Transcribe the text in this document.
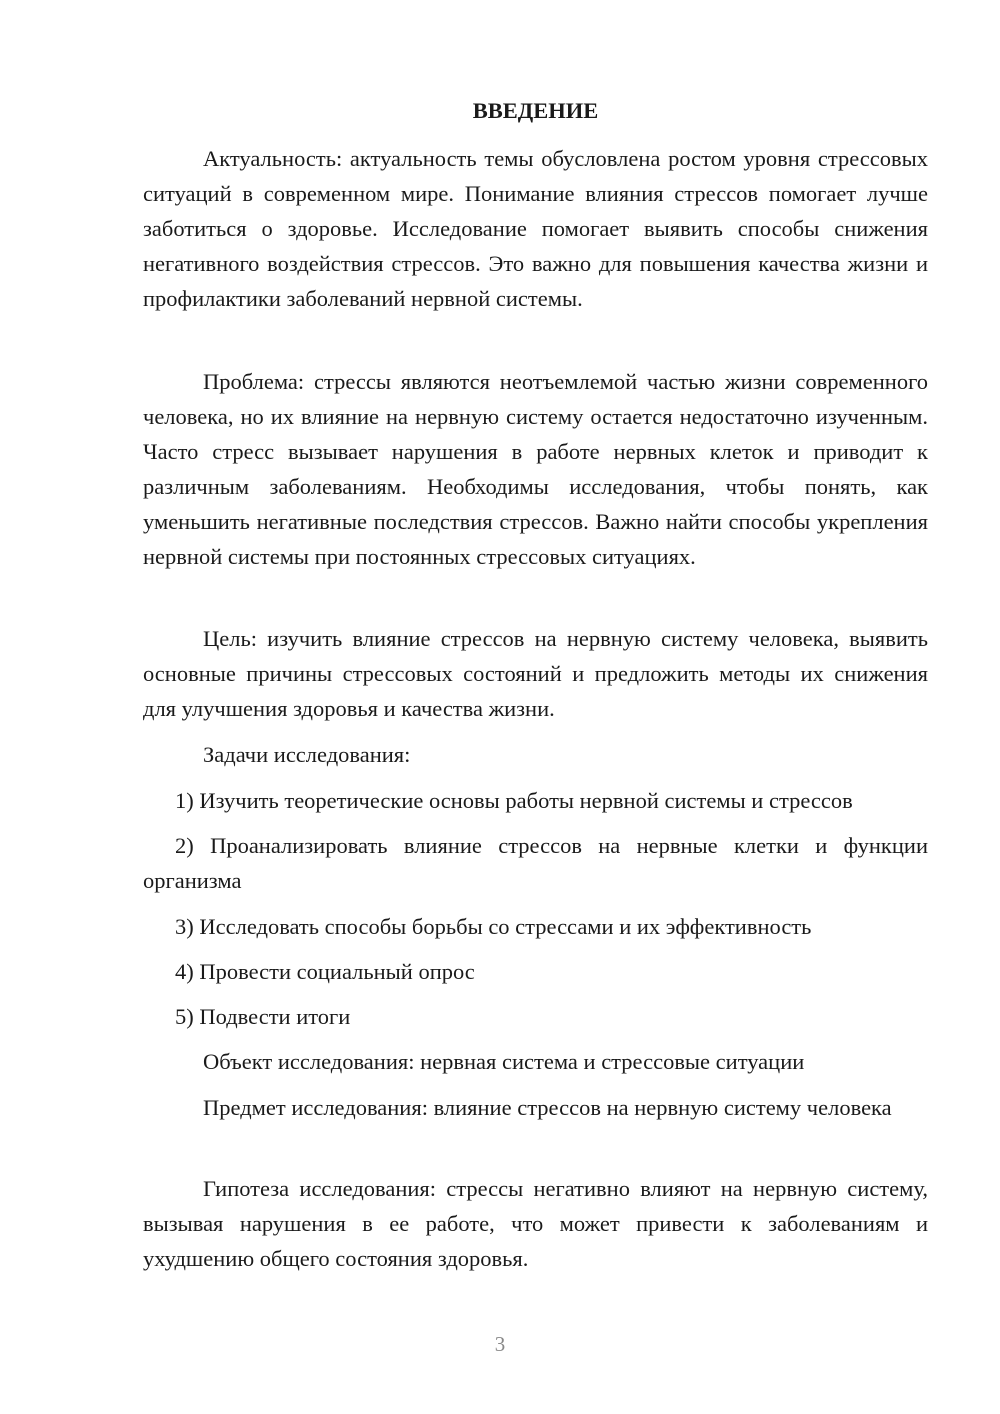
ВВЕДЕНИЕ

Актуальность: актуальность темы обусловлена ростом уровня стрессовых ситуаций в современном мире. Понимание влияния стрессов помогает лучше заботиться о здоровье. Исследование помогает выявить способы снижения негативного воздействия стрессов. Это важно для повышения качества жизни и профилактики заболеваний нервной системы.

Проблема: стрессы являются неотъемлемой частью жизни современного человека, но их влияние на нервную систему остается недостаточно изученным. Часто стресс вызывает нарушения в работе нервных клеток и приводит к различным заболеваниям. Необходимы исследования, чтобы понять, как уменьшить негативные последствия стрессов. Важно найти способы укрепления нервной системы при постоянных стрессовых ситуациях.

Цель: изучить влияние стрессов на нервную систему человека, выявить основные причины стрессовых состояний и предложить методы их снижения для улучшения здоровья и качества жизни.

Задачи исследования:

1) Изучить теоретические основы работы нервной системы и стрессов

2) Проанализировать влияние стрессов на нервные клетки и функции организма

3) Исследовать способы борьбы со стрессами и их эффективность

4) Провести социальный опрос

5) Подвести итоги

Объект исследования: нервная система и стрессовые ситуации

Предмет исследования: влияние стрессов на нервную систему человека

Гипотеза исследования: стрессы негативно влияют на нервную систему, вызывая нарушения в ее работе, что может привести к заболеваниям и ухудшению общего состояния здоровья.

3
